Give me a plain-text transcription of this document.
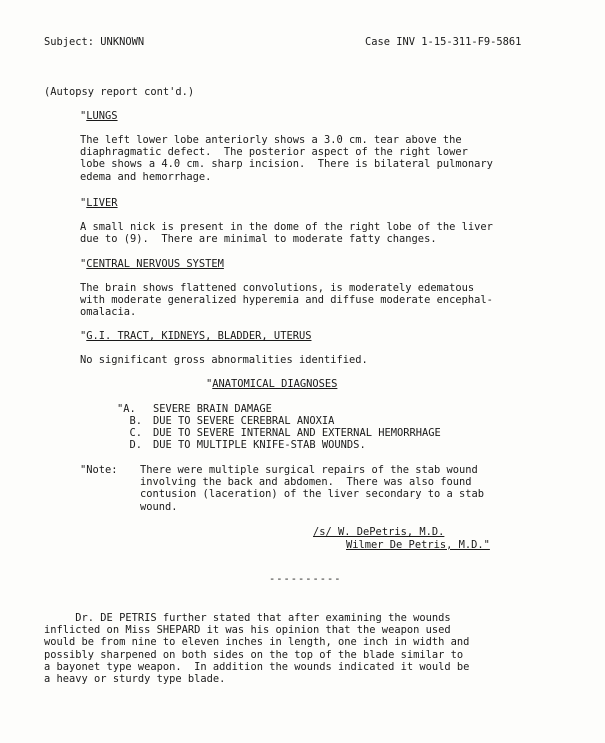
Subject: UNKNOWN	Case INV 1-15-311-F9-5861
(Autopsy report cont'd.)
"LUNGS
The left lower lobe anteriorly shows a 3.0 cm. tear above the
diaphragmatic defect.  The posterior aspect of the right lower
lobe shows a 4.0 cm. sharp incision.  There is bilateral pulmonary
edema and hemorrhage.
"LIVER
A small nick is present in the dome of the right lobe of the liver
due to (9).  There are minimal to moderate fatty changes.
"CENTRAL NERVOUS SYSTEM
The brain shows flattened convolutions, is moderately edematous
with moderate generalized hyperemia and diffuse moderate encephal-
omalacia.
"G.I. TRACT, KIDNEYS, BLADDER, UTERUS
No significant gross abnormalities identified.
"ANATOMICAL DIAGNOSES
"A.	SEVERE BRAIN DAMAGE
B.	DUE TO SEVERE CEREBRAL ANOXIA
C.	DUE TO SEVERE INTERNAL AND EXTERNAL HEMORRHAGE
D.	DUE TO MULTIPLE KNIFE-STAB WOUNDS.
"Note:	There were multiple surgical repairs of the stab wound
involving the back and abdomen.  There was also found
contusion (laceration) of the liver secondary to a stab
wound.
/s/ W. DePetris, M.D.
Wilmer De Petris, M.D."
----------
Dr. DE PETRIS further stated that after examining the wounds
inflicted on Miss SHEPARD it was his opinion that the weapon used
would be from nine to eleven inches in length, one inch in width and
possibly sharpened on both sides on the top of the blade similar to
a bayonet type weapon.  In addition the wounds indicated it would be
a heavy or sturdy type blade.
